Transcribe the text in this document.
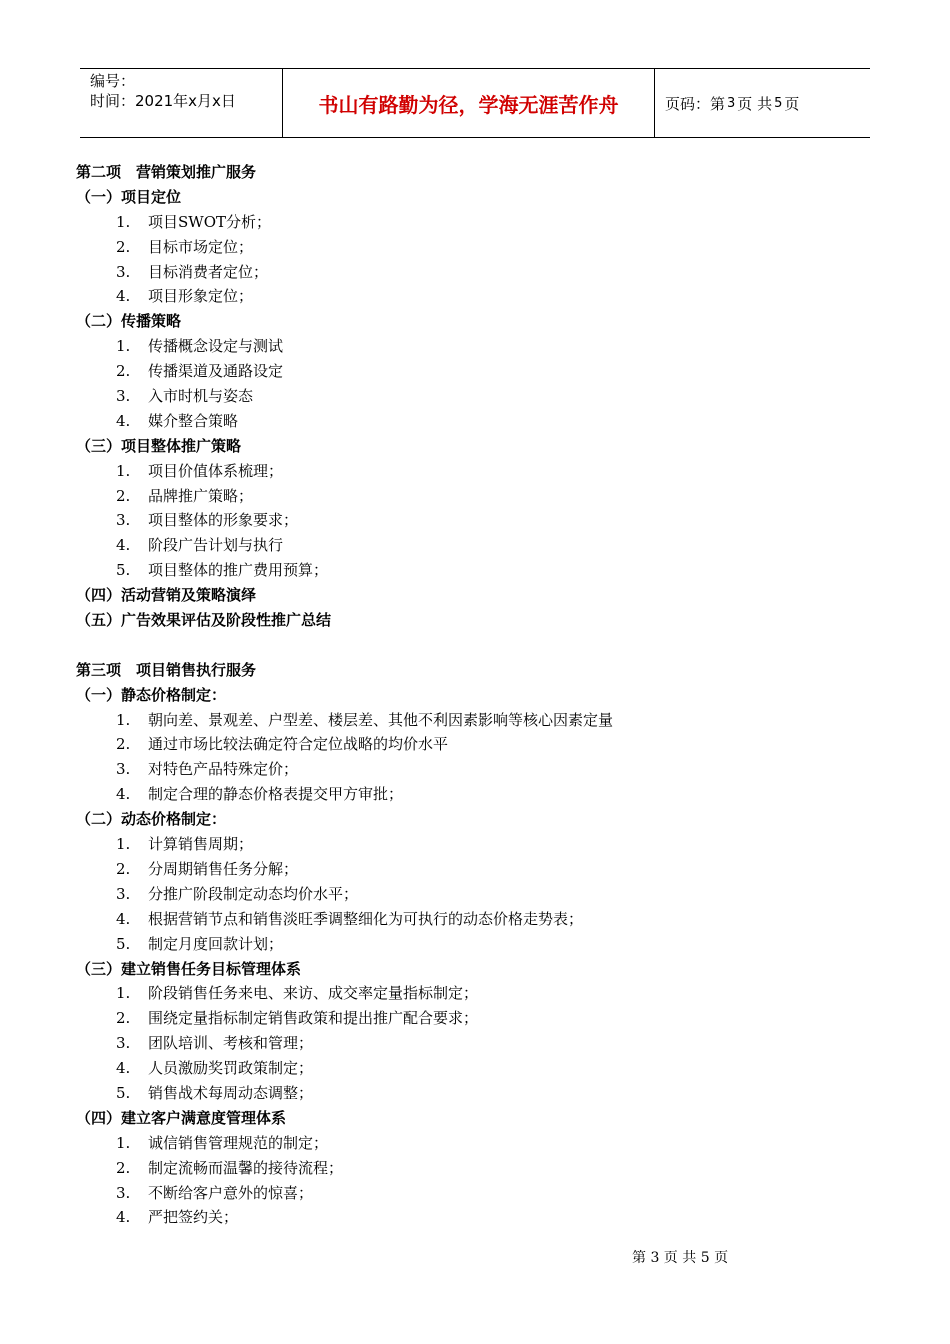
编号：
时间：2021年x月x日	书山有路勤为径，学海无涯苦作舟	页码：第 3 页 共 5 页
第二项　营销策划推广服务
（一）项目定位
1. 项目SWOT分析；
2. 目标市场定位；
3. 目标消费者定位；
4. 项目形象定位；
（二）传播策略
1. 传播概念设定与测试
2. 传播渠道及通路设定
3. 入市时机与姿态
4. 媒介整合策略
（三）项目整体推广策略
1. 项目价值体系梳理；
2. 品牌推广策略；
3. 项目整体的形象要求；
4. 阶段广告计划与执行
5. 项目整体的推广费用预算；
（四）活动营销及策略演绎
（五）广告效果评估及阶段性推广总结
第三项　项目销售执行服务
（一）静态价格制定：
1. 朝向差、景观差、户型差、楼层差、其他不利因素影响等核心因素定量
2. 通过市场比较法确定符合定位战略的均价水平
3. 对特色产品特殊定价；
4. 制定合理的静态价格表提交甲方审批；
（二）动态价格制定：
1. 计算销售周期；
2. 分周期销售任务分解；
3. 分推广阶段制定动态均价水平；
4. 根据营销节点和销售淡旺季调整细化为可执行的动态价格走势表；
5. 制定月度回款计划；
（三）建立销售任务目标管理体系
1. 阶段销售任务来电、来访、成交率定量指标制定；
2. 围绕定量指标制定销售政策和提出推广配合要求；
3. 团队培训、考核和管理；
4. 人员激励奖罚政策制定；
5. 销售战术每周动态调整；
（四）建立客户满意度管理体系
1. 诚信销售管理规范的制定；
2. 制定流畅而温馨的接待流程；
3. 不断给客户意外的惊喜；
4. 严把签约关；
第 3 页 共 5 页
